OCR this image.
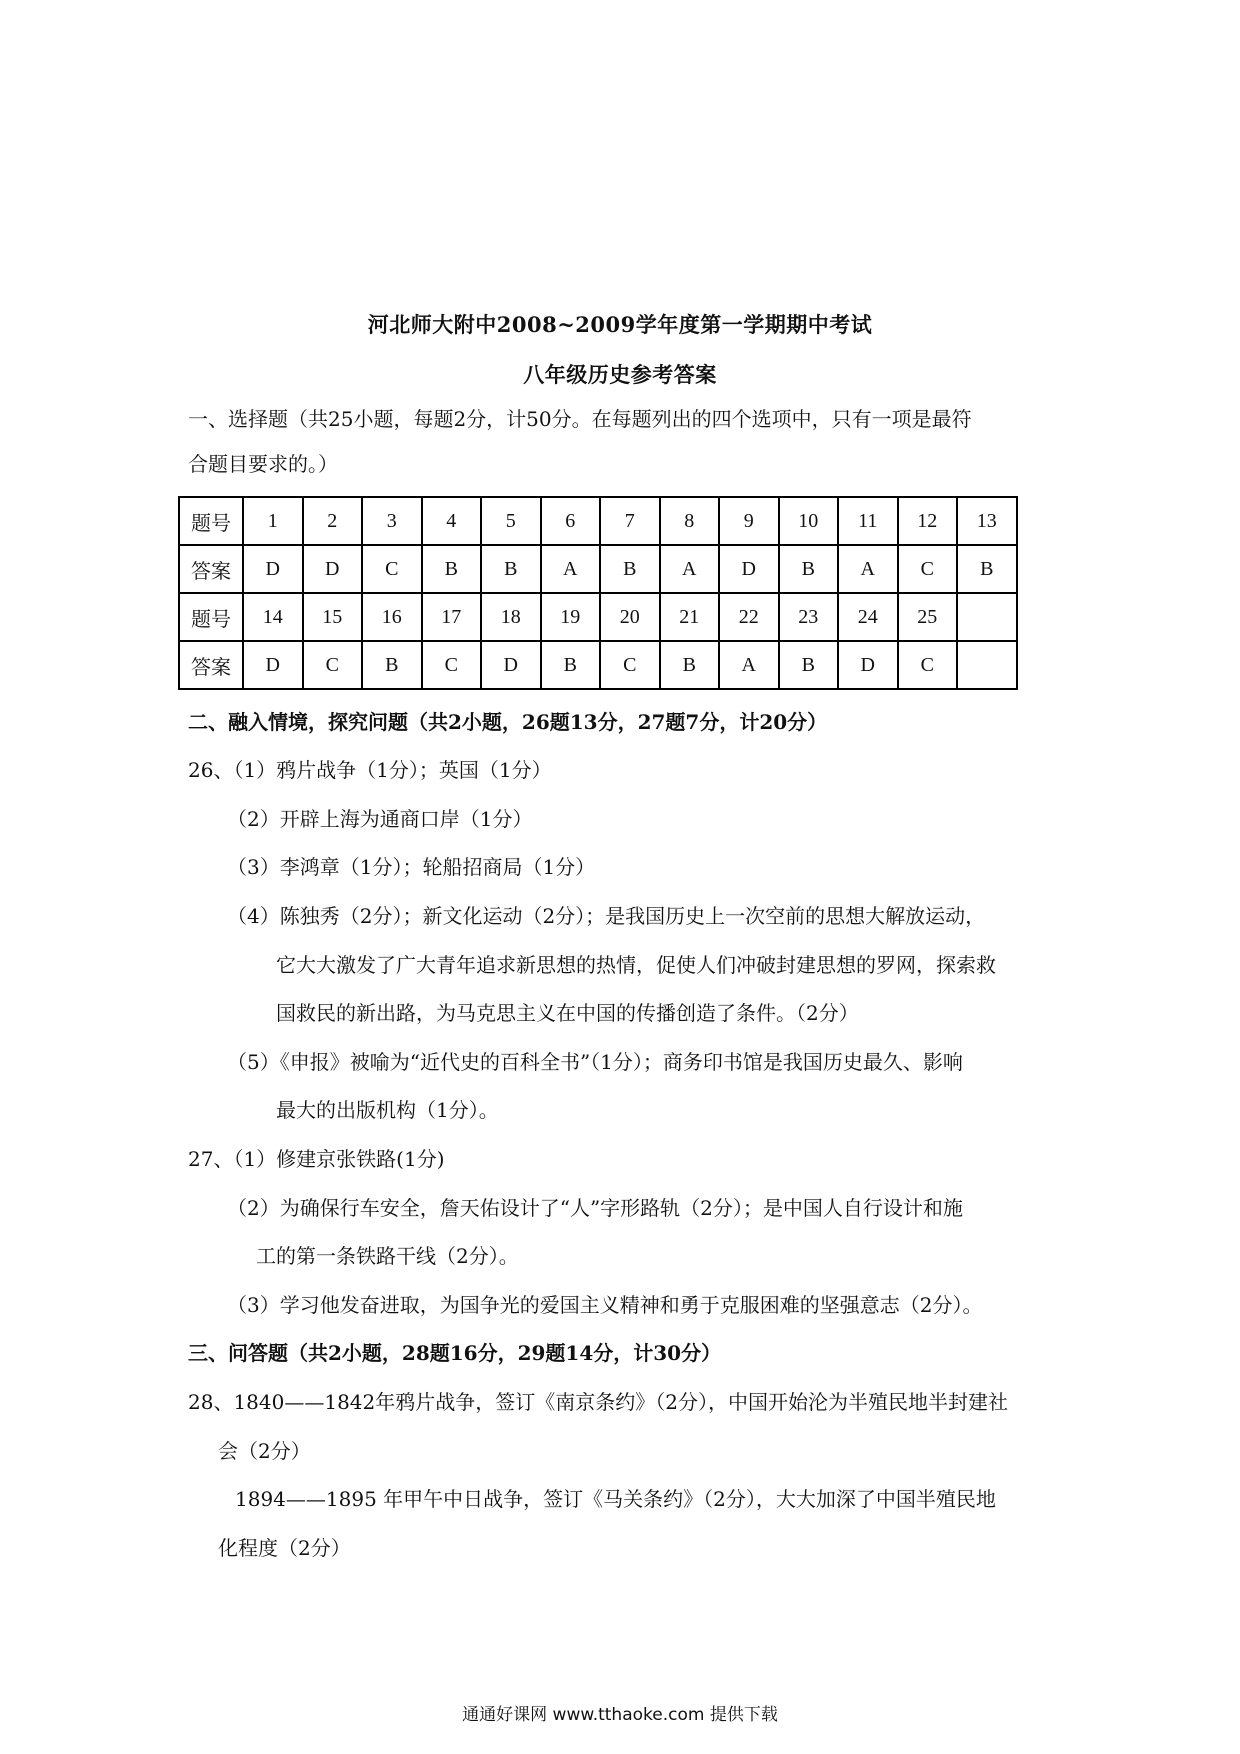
河北师大附中2008~2009学年度第一学期期中考试
八年级历史参考答案
一、选择题（共25小题，每题2分，计50分。在每题列出的四个选项中，只有一项是最符
合题目要求的。）
题号	1	2	3	4	5	6	7	8	9	10	11	12	13
答案	D	D	C	B	B	A	B	A	D	B	A	C	B
题号	14	15	16	17	18	19	20	21	22	23	24	25	
答案	D	C	B	C	D	B	C	B	A	B	D	C	
二、融入情境，探究问题（共2小题，26题13分，27题7分，计20分）
26、（1）鸦片战争（1分）；英国（1分）
（2）开辟上海为通商口岸（1分）
（3）李鸿章（1分）；轮船招商局（1分）
（4）陈独秀（2分）；新文化运动（2分）；是我国历史上一次空前的思想大解放运动，
它大大激发了广大青年追求新思想的热情，促使人们冲破封建思想的罗网，探索救
国救民的新出路，为马克思主义在中国的传播创造了条件。（2分）
（5）《申报》被喻为“近代史的百科全书”（1分）；商务印书馆是我国历史最久、影响
最大的出版机构（1分）。
27、（1）修建京张铁路(1分)
（2）为确保行车安全，詹天佑设计了“人”字形路轨（2分）；是中国人自行设计和施
工的第一条铁路干线（2分）。
（3）学习他发奋进取，为国争光的爱国主义精神和勇于克服困难的坚强意志（2分）。
三、问答题（共2小题，28题16分，29题14分，计30分）
28、1840——1842年鸦片战争，签订《南京条约》（2分），中国开始沦为半殖民地半封建社
会（2分）
1894——1895 年甲午中日战争，签订《马关条约》（2分），大大加深了中国半殖民地
化程度（2分）
通通好课网 www.tthaoke.com 提供下载
